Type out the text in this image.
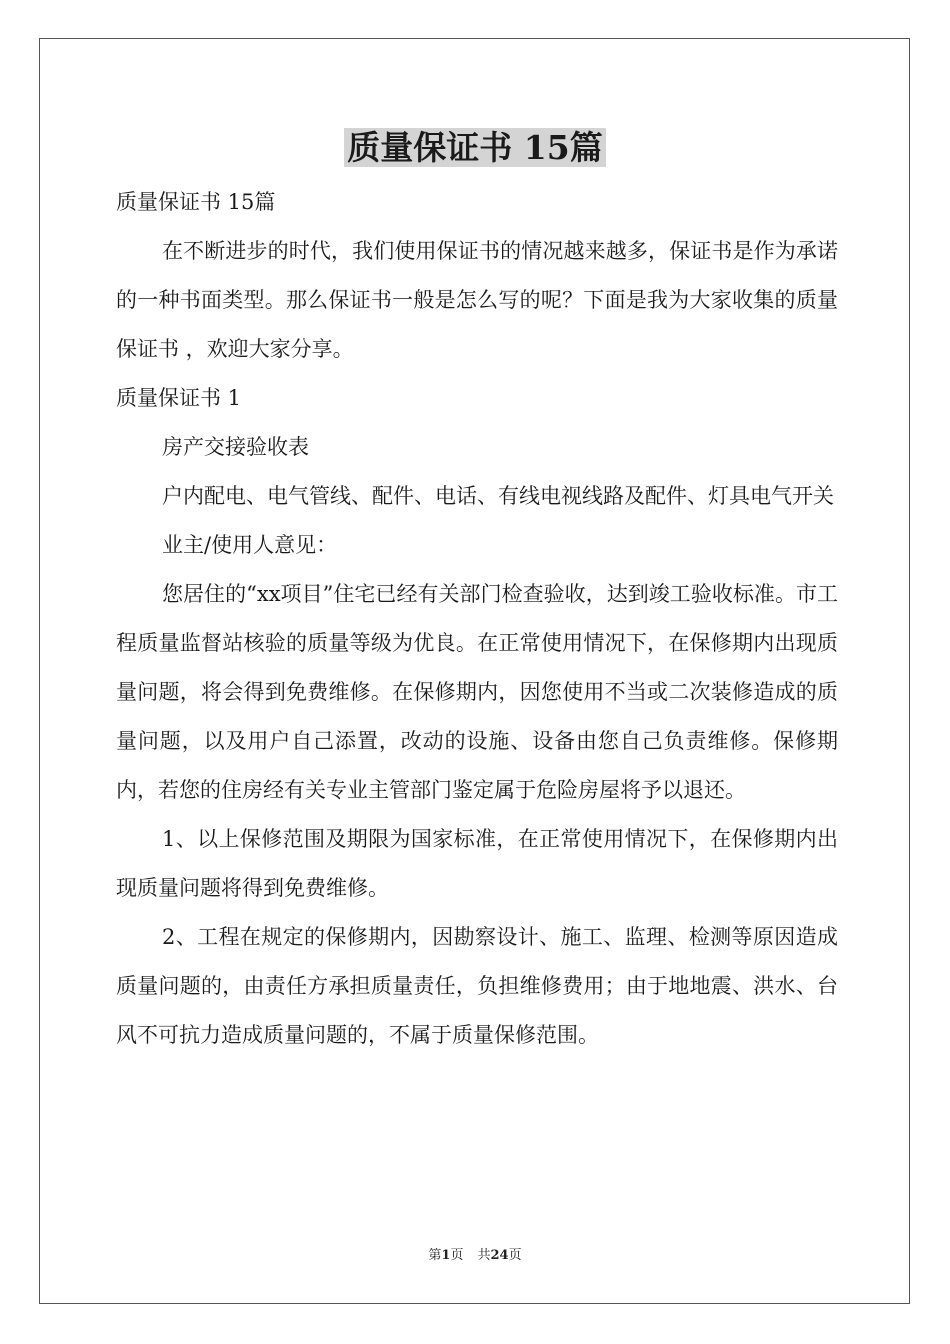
质量保证书 15篇

质量保证书 15篇

在不断进步的时代，我们使用保证书的情况越来越多，保证书是作为承诺的一种书面类型。那么保证书一般是怎么写的呢？下面是我为大家收集的质量保证书 ，欢迎大家分享。

质量保证书 1

房产交接验收表

户内配电、电气管线、配件、电话、有线电视线路及配件、灯具电气开关

业主/使用人意见：

您居住的“xx项目”住宅已经有关部门检查验收，达到竣工验收标准。市工程质量监督站核验的质量等级为优良。在正常使用情况下，在保修期内出现质量问题，将会得到免费维修。在保修期内，因您使用不当或二次装修造成的质量问题，以及用户自己添置，改动的设施、设备由您自己负责维修。保修期内，若您的住房经有关专业主管部门鉴定属于危险房屋将予以退还。

1、以上保修范围及期限为国家标准，在正常使用情况下，在保修期内出现质量问题将得到免费维修。

2、工程在规定的保修期内，因勘察设计、施工、监理、检测等原因造成质量问题的，由责任方承担质量责任，负担维修费用；由于地地震、洪水、台风不可抗力造成质量问题的，不属于质量保修范围。

第1页 共24页
